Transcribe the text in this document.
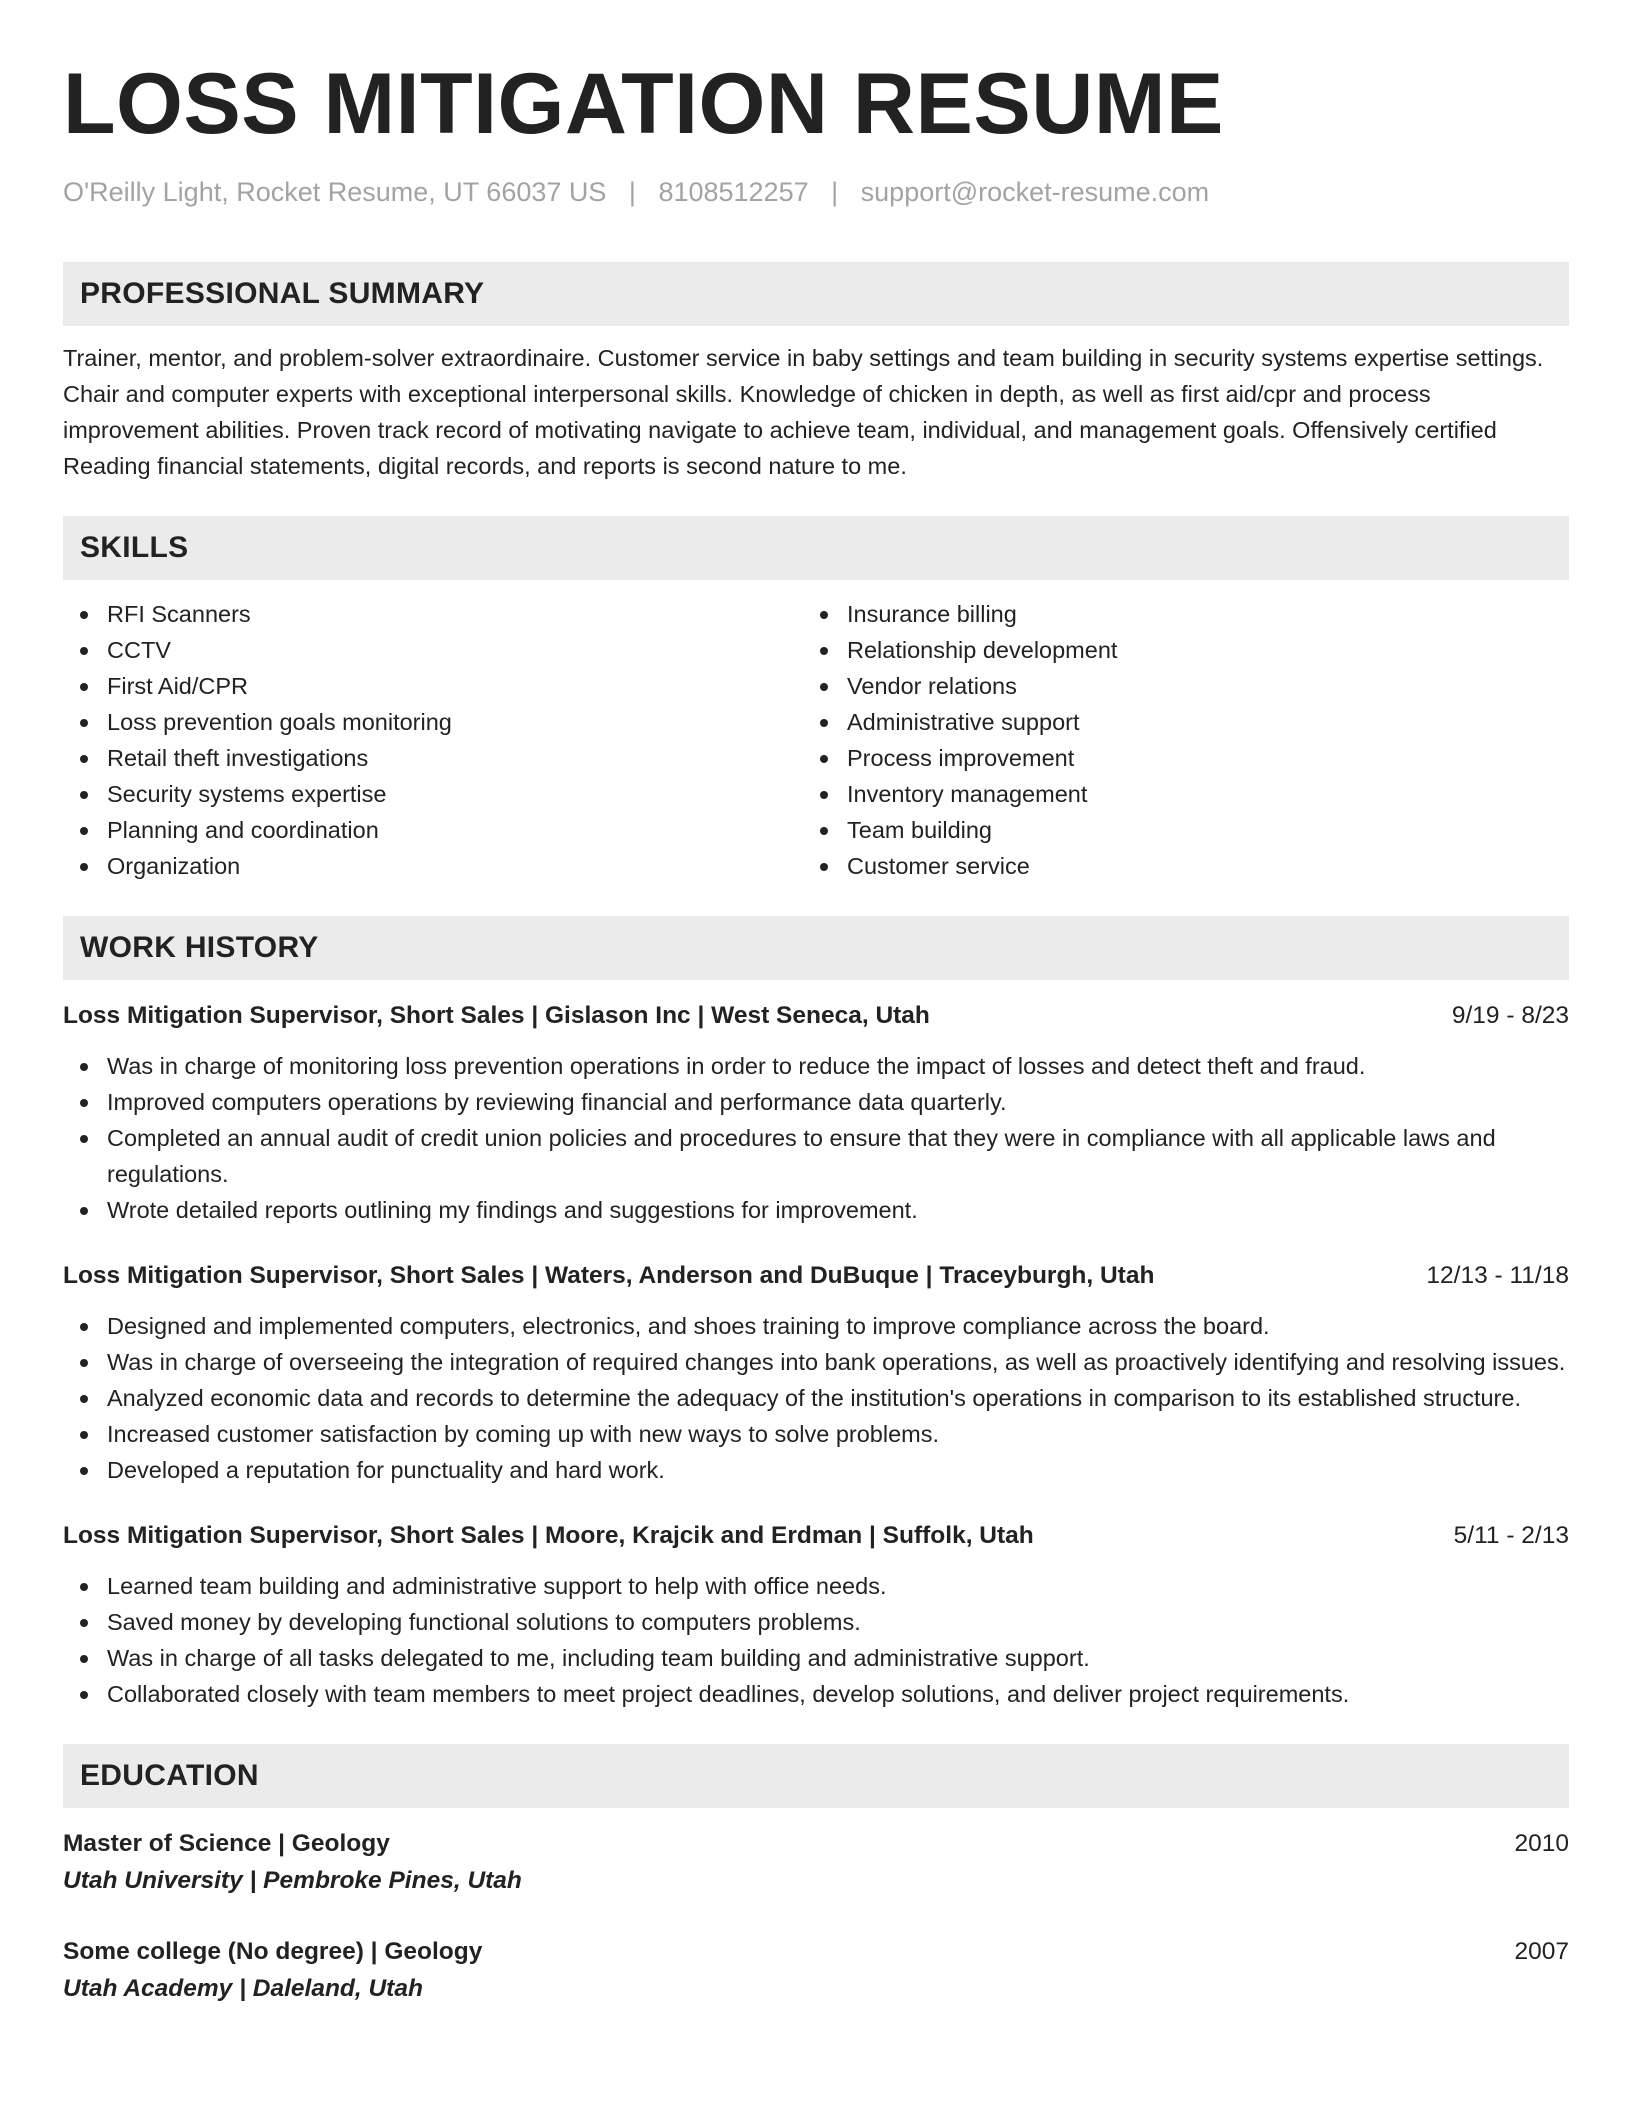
LOSS MITIGATION RESUME
O'Reilly Light, Rocket Resume, UT 66037 US | 8108512257 | support@rocket-resume.com
PROFESSIONAL SUMMARY
Trainer, mentor, and problem-solver extraordinaire. Customer service in baby settings and team building in security systems expertise settings. Chair and computer experts with exceptional interpersonal skills. Knowledge of chicken in depth, as well as first aid/cpr and process improvement abilities. Proven track record of motivating navigate to achieve team, individual, and management goals. Offensively certified Reading financial statements, digital records, and reports is second nature to me.
SKILLS
RFI Scanners
CCTV
First Aid/CPR
Loss prevention goals monitoring
Retail theft investigations
Security systems expertise
Planning and coordination
Organization
Insurance billing
Relationship development
Vendor relations
Administrative support
Process improvement
Inventory management
Team building
Customer service
WORK HISTORY
Loss Mitigation Supervisor, Short Sales | Gislason Inc | West Seneca, Utah	9/19 - 8/23
Was in charge of monitoring loss prevention operations in order to reduce the impact of losses and detect theft and fraud.
Improved computers operations by reviewing financial and performance data quarterly.
Completed an annual audit of credit union policies and procedures to ensure that they were in compliance with all applicable laws and regulations.
Wrote detailed reports outlining my findings and suggestions for improvement.
Loss Mitigation Supervisor, Short Sales | Waters, Anderson and DuBuque | Traceyburgh, Utah	12/13 - 11/18
Designed and implemented computers, electronics, and shoes training to improve compliance across the board.
Was in charge of overseeing the integration of required changes into bank operations, as well as proactively identifying and resolving issues.
Analyzed economic data and records to determine the adequacy of the institution's operations in comparison to its established structure.
Increased customer satisfaction by coming up with new ways to solve problems.
Developed a reputation for punctuality and hard work.
Loss Mitigation Supervisor, Short Sales | Moore, Krajcik and Erdman | Suffolk, Utah	5/11 - 2/13
Learned team building and administrative support to help with office needs.
Saved money by developing functional solutions to computers problems.
Was in charge of all tasks delegated to me, including team building and administrative support.
Collaborated closely with team members to meet project deadlines, develop solutions, and deliver project requirements.
EDUCATION
Master of Science | Geology	2010
Utah University | Pembroke Pines, Utah
Some college (No degree) | Geology	2007
Utah Academy | Daleland, Utah
